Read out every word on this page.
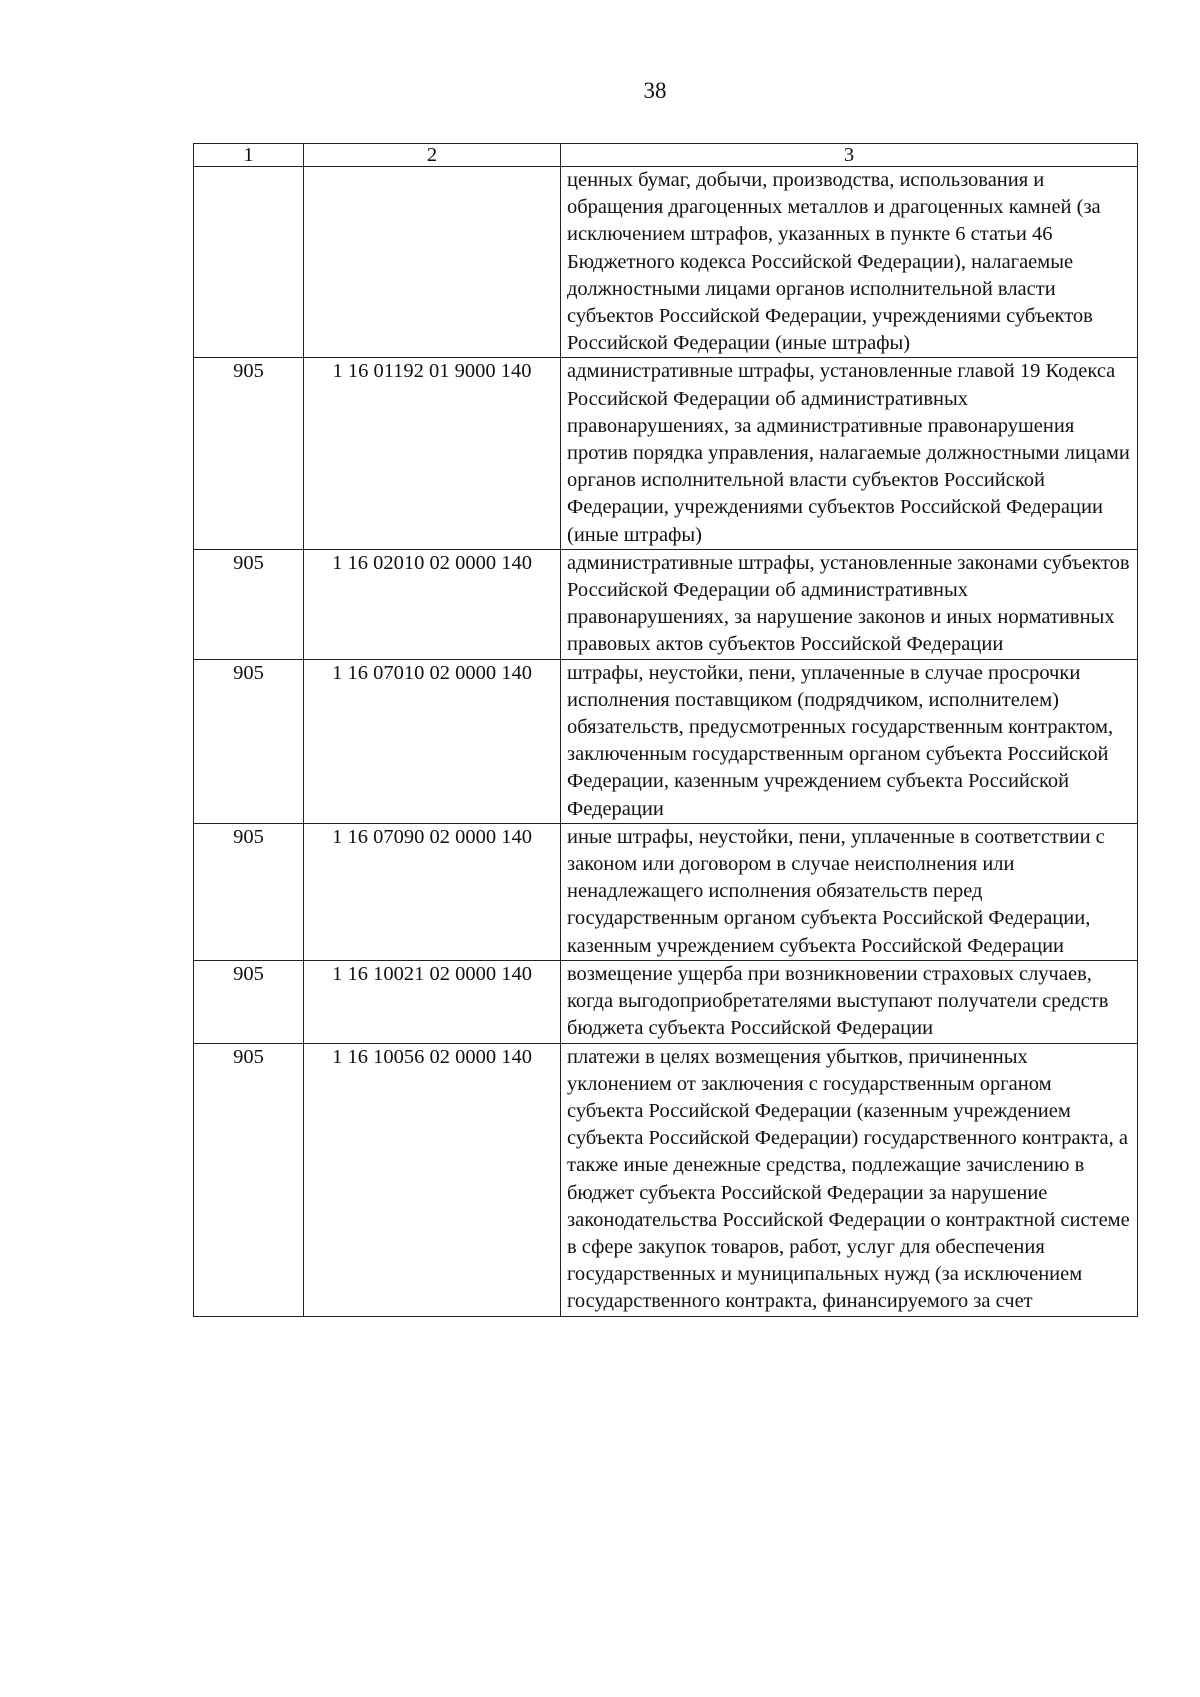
38
1	2	3
		ценных бумаг, добычи, производства, использования и обращения драгоценных металлов и драгоценных камней (за исключением штрафов, указанных в пункте 6 статьи 46 Бюджетного кодекса Российской Федерации), налагаемые должностными лицами органов исполнительной власти субъектов Российской Федерации, учреждениями субъектов Российской Федерации (иные штрафы)
905	1 16 01192 01 9000 140	административные штрафы, установленные главой 19 Кодекса Российской Федерации об административных правонарушениях, за административные правонарушения против порядка управления, налагаемые должностными лицами органов исполнительной власти субъектов Российской Федерации, учреждениями субъектов Российской Федерации (иные штрафы)
905	1 16 02010 02 0000 140	административные штрафы, установленные законами субъектов Российской Федерации об административных правонарушениях, за нарушение законов и иных нормативных правовых актов субъектов Российской Федерации
905	1 16 07010 02 0000 140	штрафы, неустойки, пени, уплаченные в случае просрочки исполнения поставщиком (подрядчиком, исполнителем) обязательств, предусмотренных государственным контрактом, заключенным государственным органом субъекта Российской Федерации, казенным учреждением субъекта Российской Федерации
905	1 16 07090 02 0000 140	иные штрафы, неустойки, пени, уплаченные в соответствии с законом или договором в случае неисполнения или ненадлежащего исполнения обязательств перед государственным органом субъекта Российской Федерации, казенным учреждением субъекта Российской Федерации
905	1 16 10021 02 0000 140	возмещение ущерба при возникновении страховых случаев, когда выгодоприобретателями выступают получатели средств бюджета субъекта Российской Федерации
905	1 16 10056 02 0000 140	платежи в целях возмещения убытков, причиненных уклонением от заключения с государственным органом субъекта Российской Федерации (казенным учреждением субъекта Российской Федерации) государственного контракта, а также иные денежные средства, подлежащие зачислению в бюджет субъекта Российской Федерации за нарушение законодательства Российской Федерации о контрактной системе в сфере закупок товаров, работ, услуг для обеспечения государственных и муниципальных нужд (за исключением государственного контракта, финансируемого за счет
